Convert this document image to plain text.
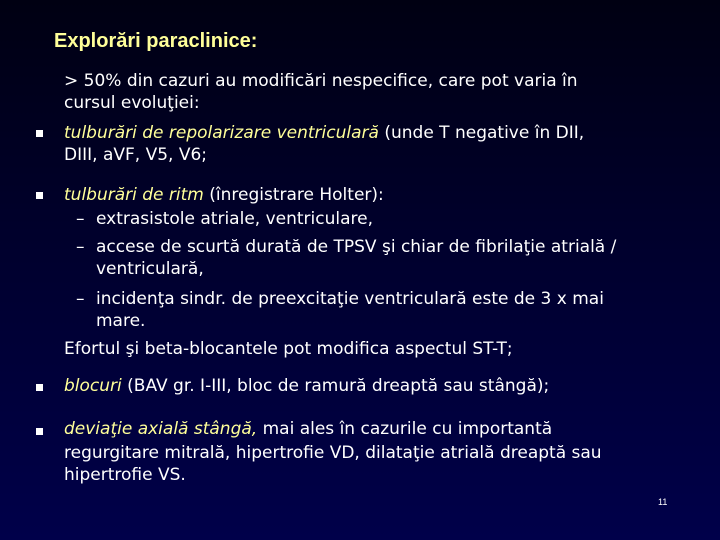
Explorări paraclinice:
> 50% din cazuri au modificări nespecifice, care pot varia în
cursul evoluţiei:
tulburări de repolarizare ventriculară (unde T negative în DII,
DIII, aVF, V5, V6;
tulburări de ritm (înregistrare Holter):
– extrasistole atriale, ventriculare,
– accese de scurtă durată de TPSV şi chiar de fibrilaţie atrială /
ventriculară,
– incidenţa sindr. de preexcitaţie ventriculară este de 3 x mai
mare.
Efortul şi beta-blocantele pot modifica aspectul ST-T;
blocuri (BAV gr. I-III, bloc de ramură dreaptă sau stângă);
deviaţie axială stângă, mai ales în cazurile cu importantă
regurgitare mitrală, hipertrofie VD, dilataţie atrială dreaptă sau
hipertrofie VS.
11
